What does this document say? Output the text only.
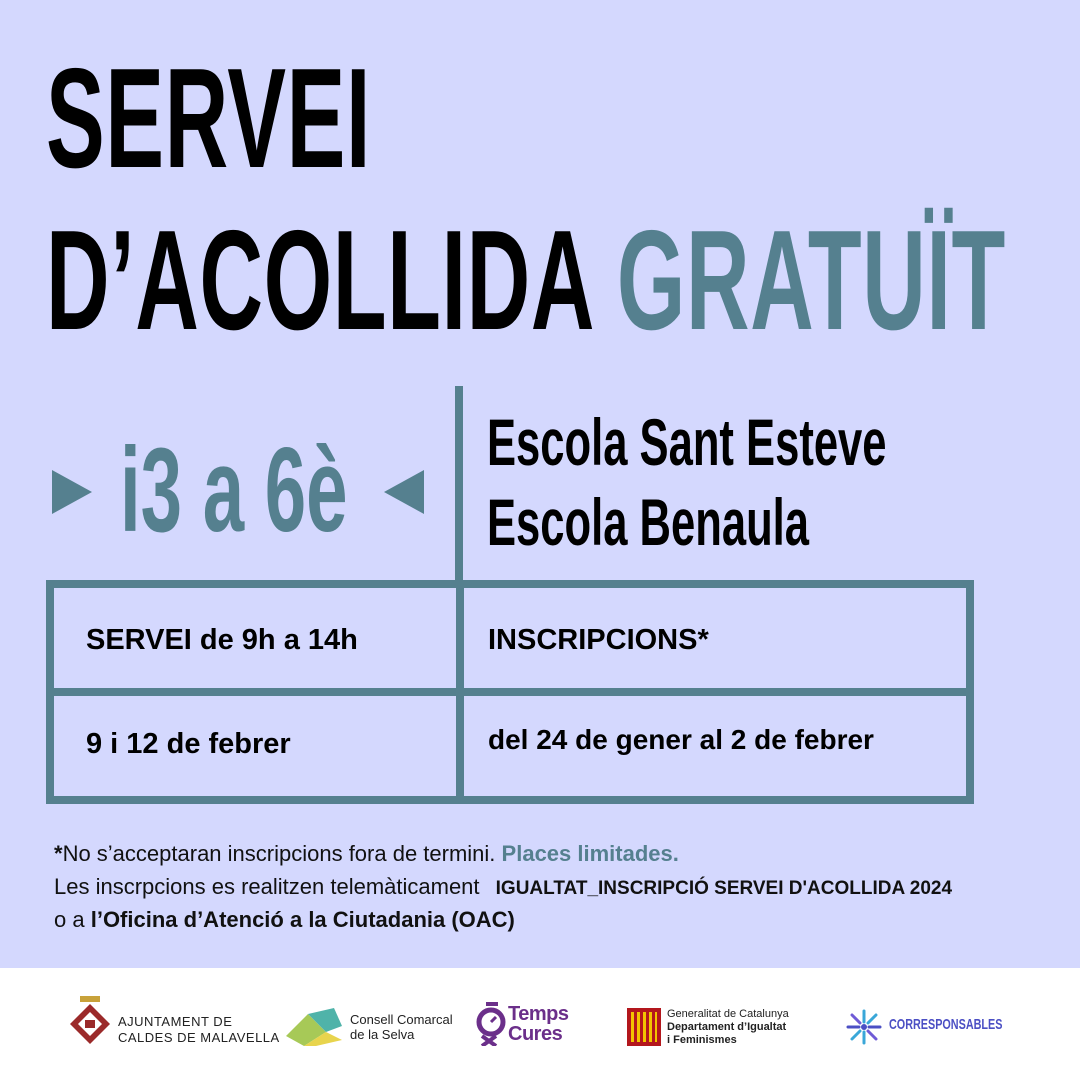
SERVEI
D’ACOLLIDA GRATUÏT
i3 a 6è Escola Sant Esteve
Escola Benaula
SERVEI de 9h a 14h	INSCRIPCIONS*
9 i 12 de febrer	del 24 de gener al 2 de febrer
*No s’acceptaran inscripcions fora de termini. Places limitades.
Les inscrpcions es realitzen telemàticament IGUALTAT_INSCRIPCIÓ SERVEI D'ACOLLIDA 2024
o a l’Oficina d’Atenció a la Ciutadania (OAC)
AJUNTAMENT DE
CALDES DE MALAVELLA
Consell Comarcal
de la Selva
Temps
Cures
Generalitat de Catalunya
Departament d’Igualtat
i Feminismes
CORRESPONSABLES
